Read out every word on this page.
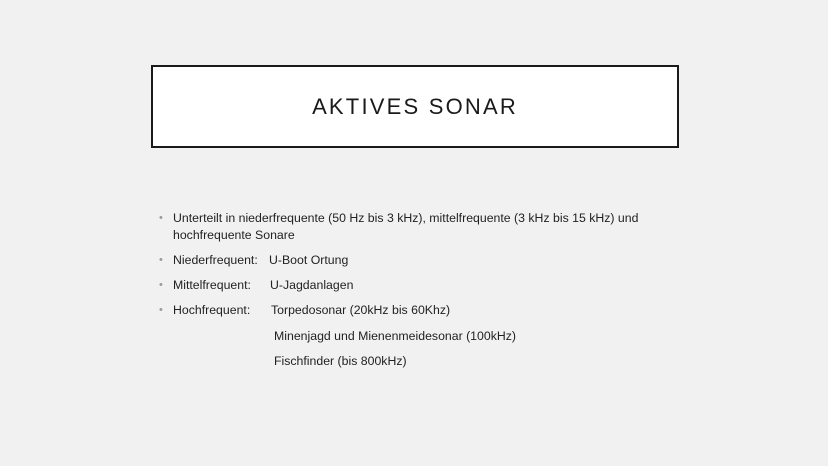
AKTIVES SONAR
• Unterteilt in niederfrequente (50 Hz bis 3 kHz), mittelfrequente (3 kHz bis 15 kHz) und hochfrequente Sonare
• Niederfrequent: U-Boot Ortung
• Mittelfrequent: U-Jagdanlagen
• Hochfrequent: Torpedosonar (20kHz bis 60Khz)
Minenjagd und Mienenmeidesonar (100kHz)
Fischfinder (bis 800kHz)
